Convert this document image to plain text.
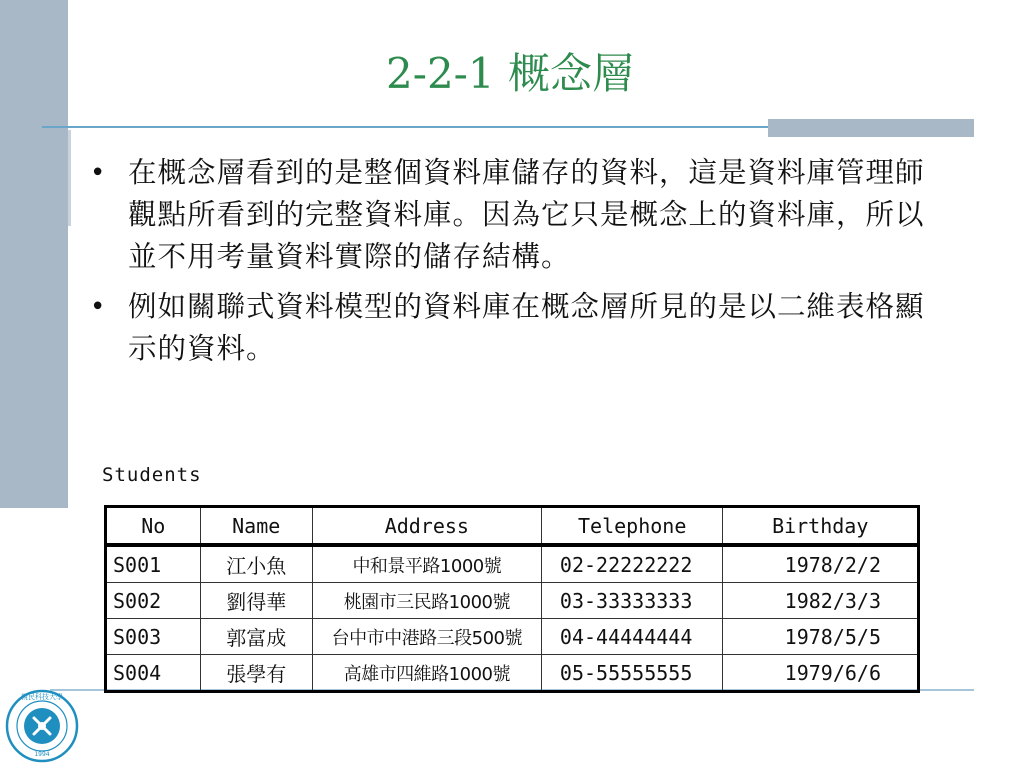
2-2-1 概念層
• 在概念層看到的是整個資料庫儲存的資料，這是資料庫管理師觀點所看到的完整資料庫。因為它只是概念上的資料庫，所以並不用考量資料實際的儲存結構。
• 例如關聯式資料模型的資料庫在概念層所見的是以二維表格顯示的資料。
Students
No	Name	Address	Telephone	Birthday
S001	江小魚	中和景平路1000號	02-22222222	1978/2/2
S002	劉得華	桃園市三民路1000號	03-33333333	1982/3/3
S003	郭富成	台中市中港路三段500號	04-44444444	1978/5/5
S004	張學有	高雄市四維路1000號	05-55555555	1979/6/6
親民科技大學
1994
